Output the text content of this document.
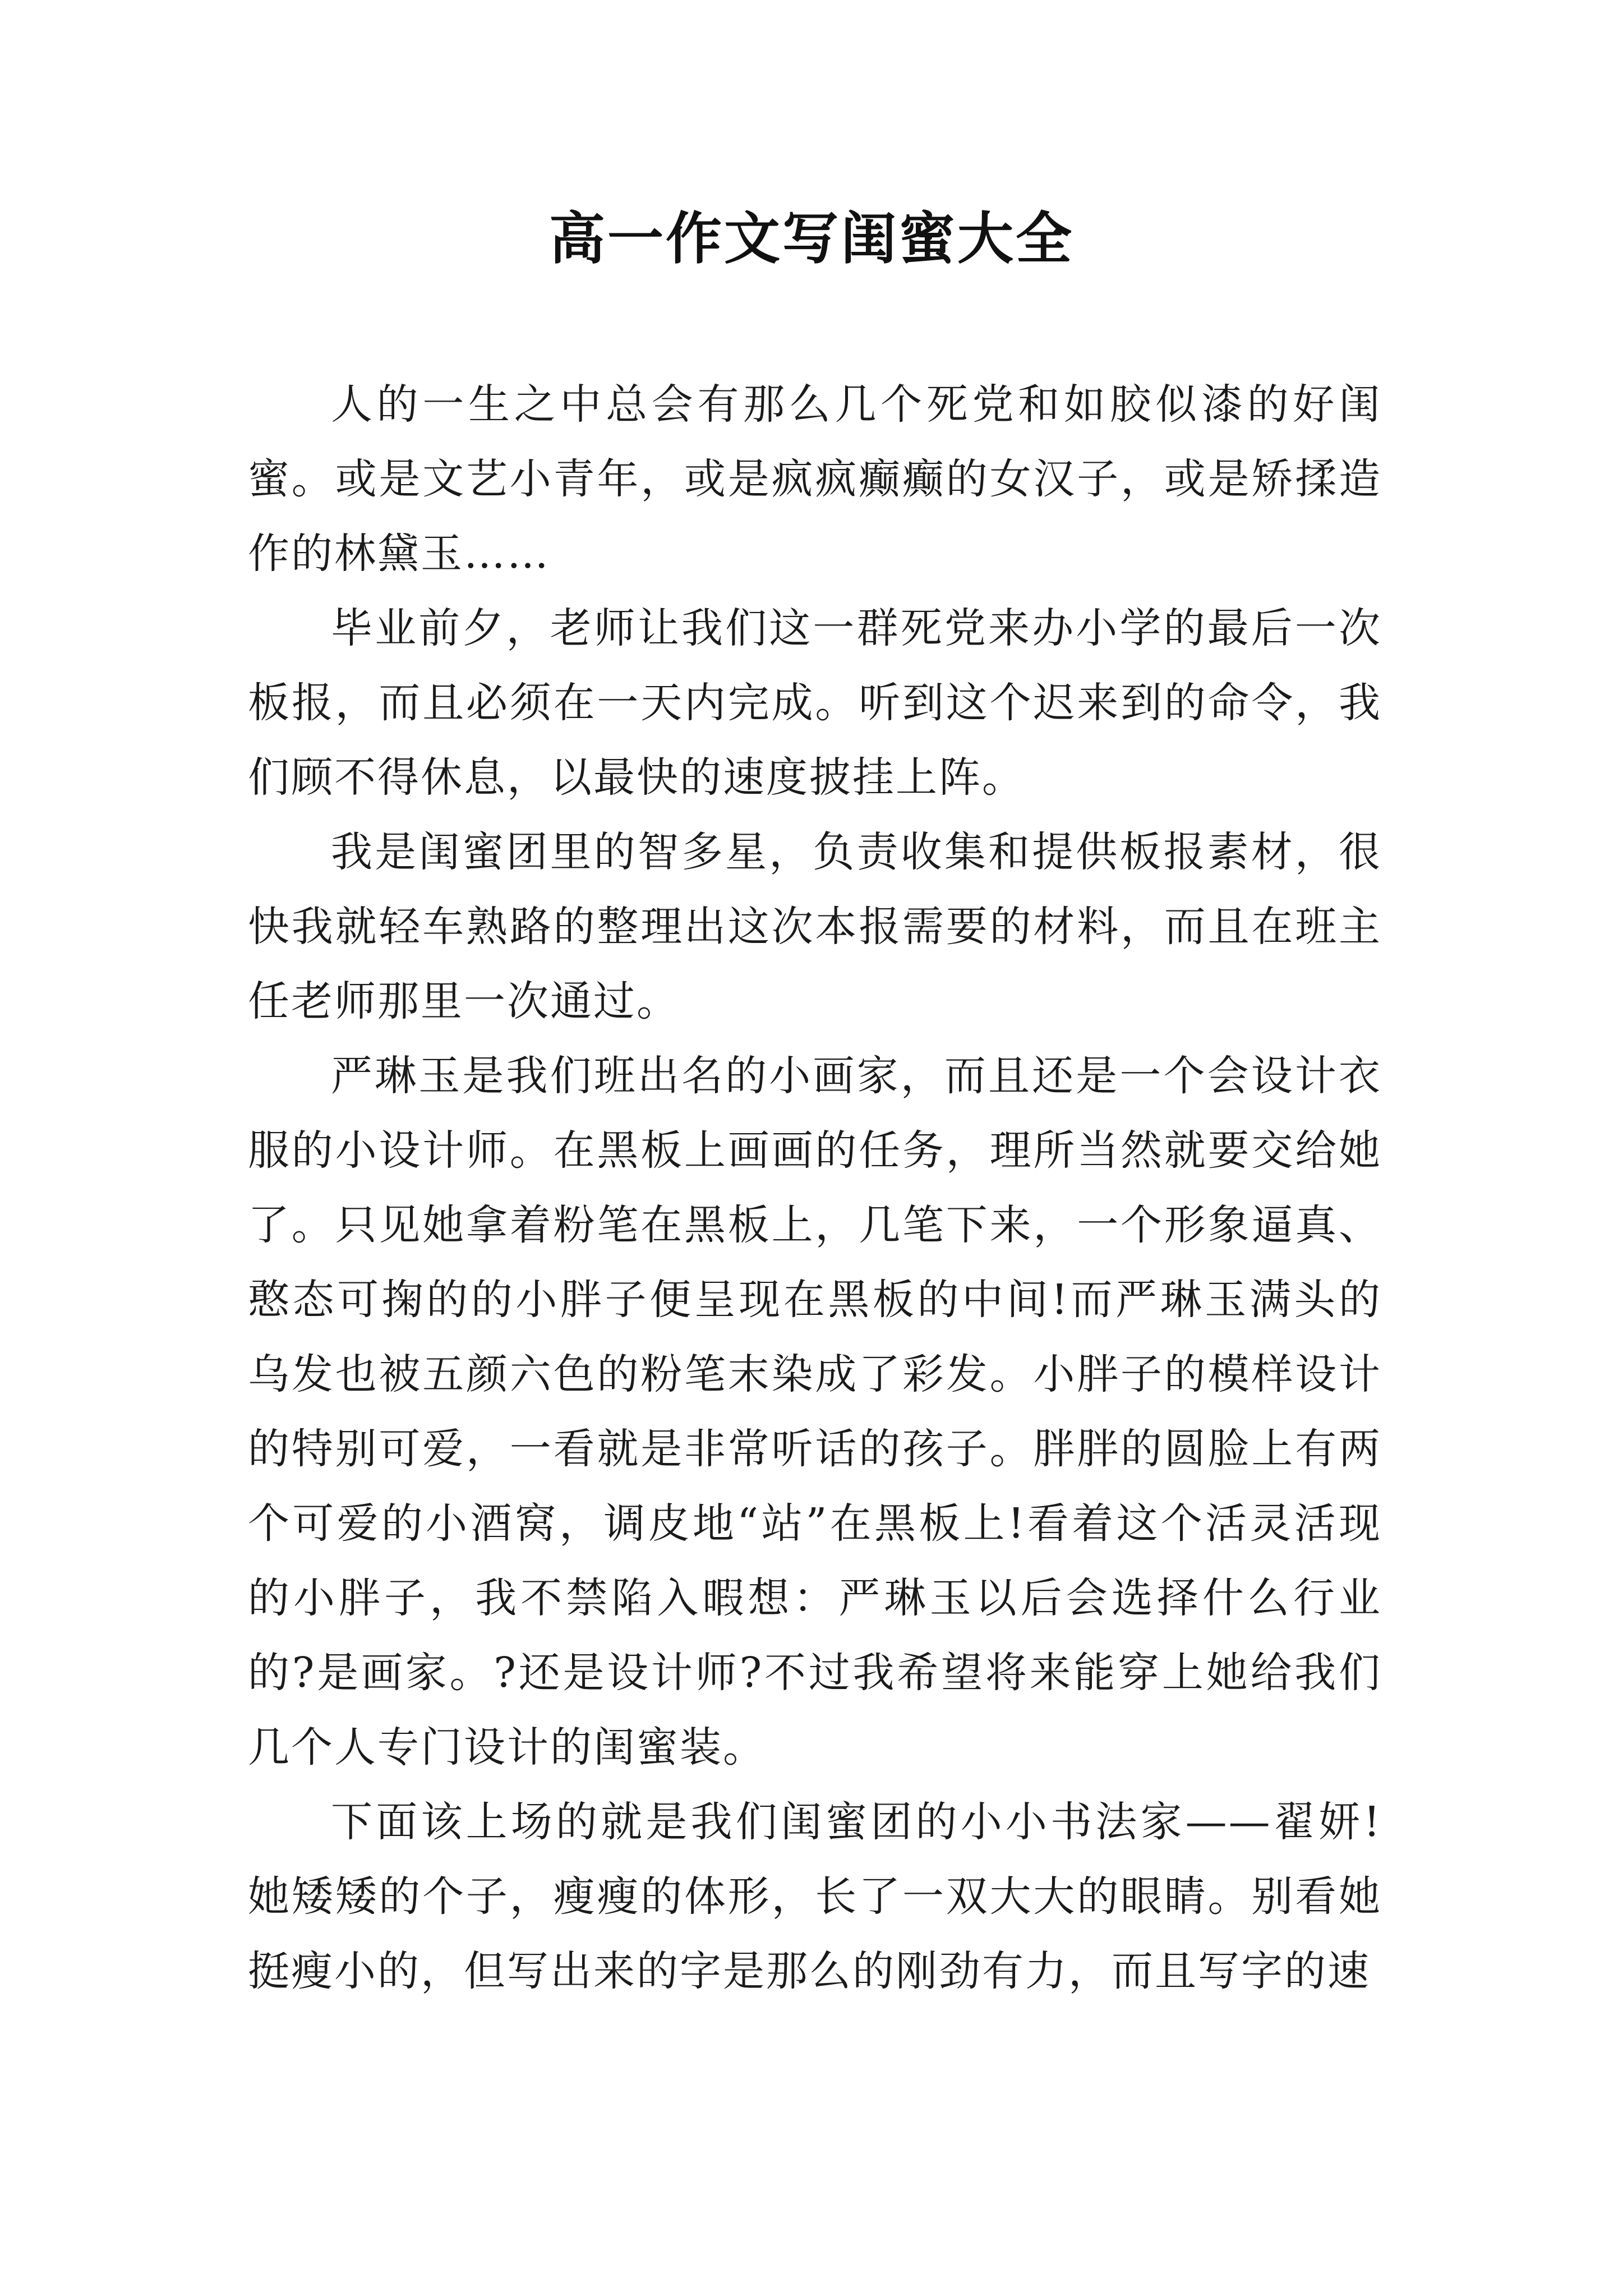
高一作文写闺蜜大全

人的一生之中总会有那么几个死党和如胶似漆的好闺蜜。或是文艺小青年，或是疯疯癫癫的女汉子，或是矫揉造作的林黛玉……

毕业前夕，老师让我们这一群死党来办小学的最后一次板报，而且必须在一天内完成。听到这个迟来到的命令，我们顾不得休息，以最快的速度披挂上阵。

我是闺蜜团里的智多星，负责收集和提供板报素材，很快我就轻车熟路的整理出这次本报需要的材料，而且在班主任老师那里一次通过。

严琳玉是我们班出名的小画家，而且还是一个会设计衣服的小设计师。在黑板上画画的任务，理所当然就要交给她了。只见她拿着粉笔在黑板上，几笔下来，一个形象逼真、憨态可掬的的小胖子便呈现在黑板的中间!而严琳玉满头的乌发也被五颜六色的粉笔末染成了彩发。小胖子的模样设计的特别可爱，一看就是非常听话的孩子。胖胖的圆脸上有两个可爱的小酒窝，调皮地“站”在黑板上!看着这个活灵活现的小胖子，我不禁陷入暇想：严琳玉以后会选择什么行业的?是画家。?还是设计师?不过我希望将来能穿上她给我们几个人专门设计的闺蜜装。

下面该上场的就是我们闺蜜团的小小书法家——翟妍!她矮矮的个子，瘦瘦的体形，长了一双大大的眼睛。别看她挺瘦小的，但写出来的字是那么的刚劲有力，而且写字的速
